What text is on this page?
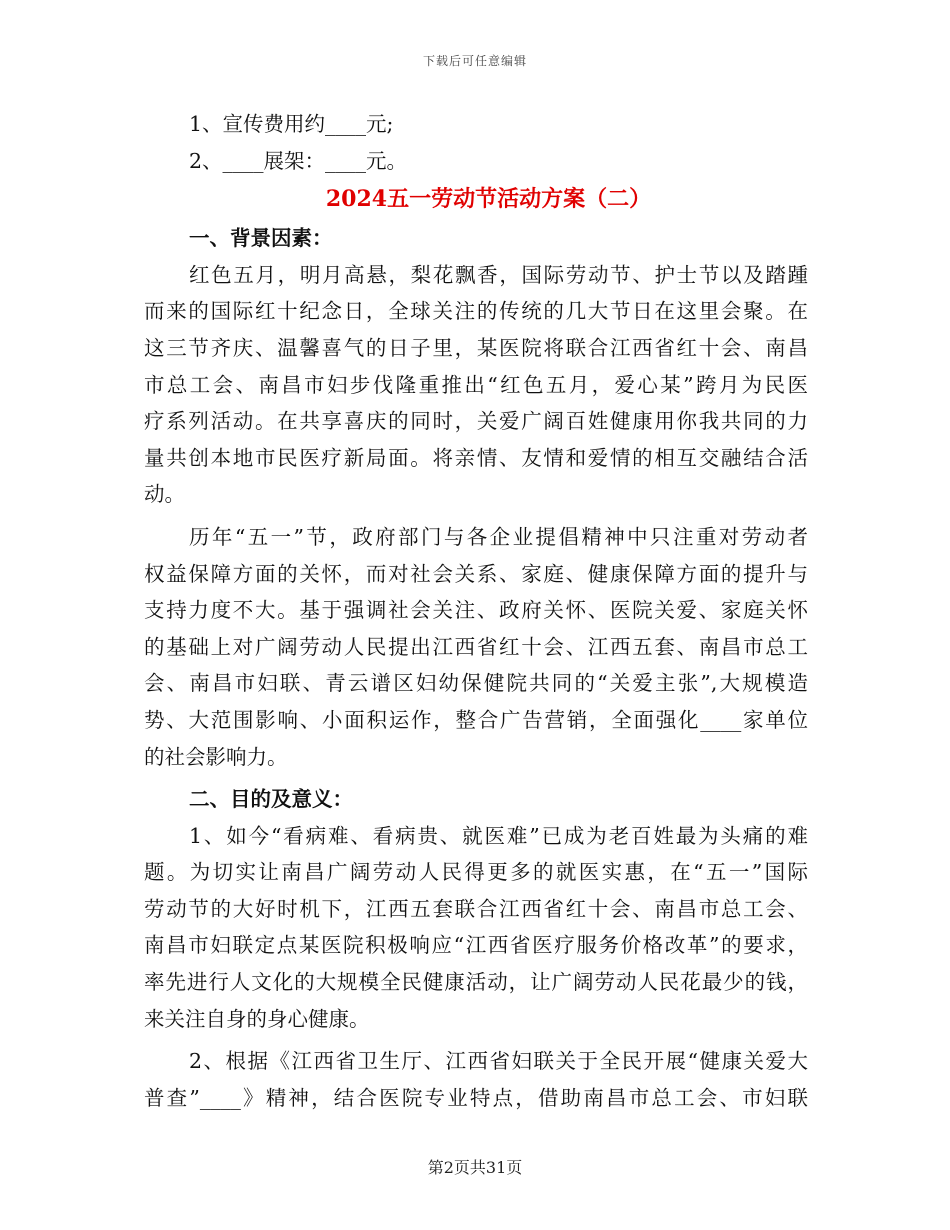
下载后可任意编辑
1、宣传费用约____元;
2、____展架：____元。
2024五一劳动节活动方案（二）
一、背景因素：
红色五月，明月高悬，梨花飘香，国际劳动节、护士节以及踏踵
而来的国际红十纪念日，全球关注的传统的几大节日在这里会聚。在
这三节齐庆、温馨喜气的日子里，某医院将联合江西省红十会、南昌
市总工会、南昌市妇步伐隆重推出“红色五月，爱心某”跨月为民医
疗系列活动。在共享喜庆的同时，关爱广阔百姓健康用你我共同的力
量共创本地市民医疗新局面。将亲情、友情和爱情的相互交融结合活
动。
历年“五一”节，政府部门与各企业提倡精神中只注重对劳动者
权益保障方面的关怀，而对社会关系、家庭、健康保障方面的提升与
支持力度不大。基于强调社会关注、政府关怀、医院关爱、家庭关怀
的基础上对广阔劳动人民提出江西省红十会、江西五套、南昌市总工
会、南昌市妇联、青云谱区妇幼保健院共同的“关爱主张”,大规模造
势、大范围影响、小面积运作，整合广告营销，全面强化____家单位
的社会影响力。
二、目的及意义：
1、如今“看病难、看病贵、就医难”已成为老百姓最为头痛的难
题。为切实让南昌广阔劳动人民得更多的就医实惠，在“五一”国际
劳动节的大好时机下，江西五套联合江西省红十会、南昌市总工会、
南昌市妇联定点某医院积极响应“江西省医疗服务价格改革”的要求，
率先进行人文化的大规模全民健康活动，让广阔劳动人民花最少的钱，
来关注自身的身心健康。
2、根据《江西省卫生厅、江西省妇联关于全民开展“健康关爱大
普查”____》精神，结合医院专业特点，借助南昌市总工会、市妇联
第2页共31页
